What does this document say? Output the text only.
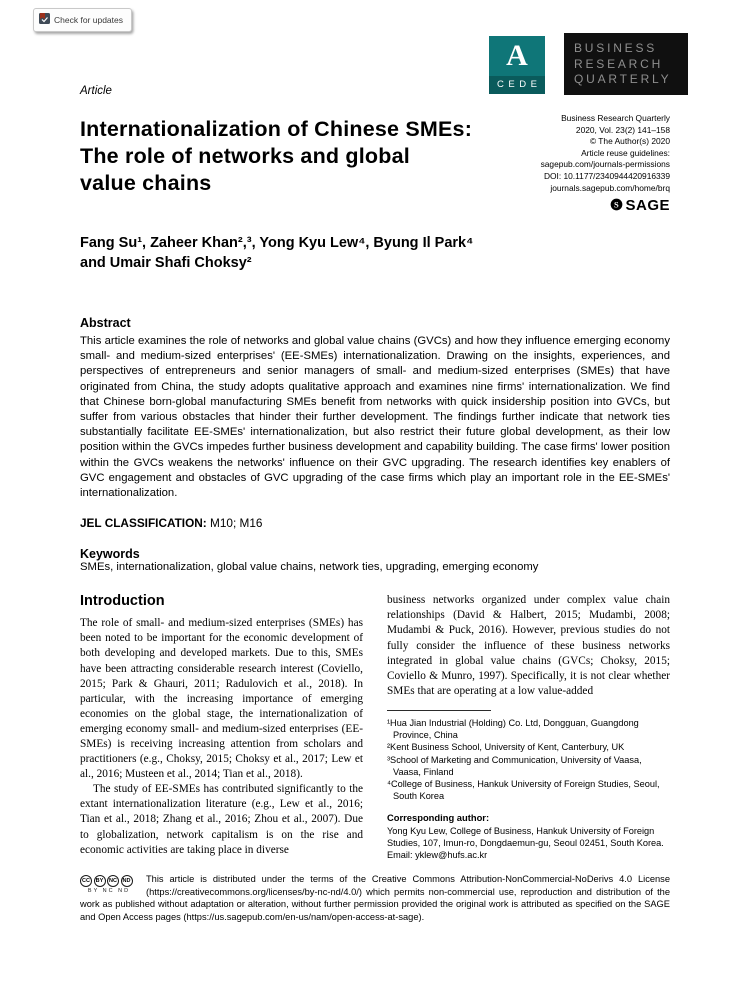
Check for updates
A
CEDE
BUSINESS
RESEARCH
QUARTERLY
Article
Internationalization of Chinese SMEs:
The role of networks and global
value chains
Business Research Quarterly
2020, Vol. 23(2) 141–158
© The Author(s) 2020
Article reuse guidelines:
sagepub.com/journals-permissions
DOI: 10.1177/2340944420916339
journals.sagepub.com/home/brq
S SAGE
Fang Su¹, Zaheer Khan²,³, Yong Kyu Lew⁴, Byung Il Park⁴
and Umair Shafi Choksy²
Abstract

This article examines the role of networks and global value chains (GVCs) and how they influence emerging economy small- and medium-sized enterprises' (EE-SMEs) internationalization. Drawing on the insights, experiences, and perspectives of entrepreneurs and senior managers of small- and medium-sized enterprises (SMEs) that have originated from China, the study adopts qualitative approach and examines nine firms' internationalization. We find that Chinese born-global manufacturing SMEs benefit from networks with quick insidership position into GVCs, but suffer from various obstacles that hinder their further development. The findings further indicate that network ties substantially facilitate EE-SMEs' internationalization, but also restrict their future global development, as their low position within the GVCs impedes further business development and capability building. The case firms' lower position within the GVCs weakens the networks' influence on their GVC upgrading. The research identifies key enablers of GVC engagement and obstacles of GVC upgrading of the case firms which play an important role in the EE-SMEs' internationalization.

JEL CLASSIFICATION: M10; M16
Keywords

SMEs, internationalization, global value chains, network ties, upgrading, emerging economy

Introduction

The role of small- and medium-sized enterprises (SMEs) has been noted to be important for the economic development of both developing and developed markets. Due to this, SMEs have been attracting considerable research interest (Coviello, 2015; Park & Ghauri, 2011; Radulovich et al., 2018). In particular, with the increasing importance of emerging economies on the global stage, the internationalization of emerging economy small- and medium-sized enterprises (EE-SMEs) is receiving increasing attention from scholars and practitioners (e.g., Choksy, 2015; Choksy et al., 2017; Lew et al., 2016; Musteen et al., 2014; Tian et al., 2018).

The study of EE-SMEs has contributed significantly to the extant internationalization literature (e.g., Lew et al., 2016; Tian et al., 2018; Zhang et al., 2016; Zhou et al., 2007). Due to globalization, network capitalism is on the rise and economic activities are taking place in diverse

business networks organized under complex value chain relationships (David & Halbert, 2015; Mudambi, 2008; Mudambi & Puck, 2016). However, previous studies do not fully consider the influence of these business networks integrated in global value chains (GVCs; Choksy, 2015; Coviello & Munro, 1997). Specifically, it is not clear whether SMEs that are operating at a low value-added

¹Hua Jian Industrial (Holding) Co. Ltd, Dongguan, Guangdong Province, China
²Kent Business School, University of Kent, Canterbury, UK
³School of Marketing and Communication, University of Vaasa, Vaasa, Finland
⁴College of Business, Hankuk University of Foreign Studies, Seoul, South Korea
Corresponding author:
Yong Kyu Lew, College of Business, Hankuk University of Foreign Studies, 107, Imun-ro, Dongdaemun-gu, Seoul 02451, South Korea.
Email: yklew@hufs.ac.kr
CC	BY	NC	ND
BY NC ND

This article is distributed under the terms of the Creative Commons Attribution-NonCommercial-NoDerivs 4.0 License (https://creativecommons.org/licenses/by-nc-nd/4.0/) which permits non-commercial use, reproduction and distribution of the work as published without adaptation or alteration, without further permission provided the original work is attributed as specified on the SAGE and Open Access pages (https://us.sagepub.com/en-us/nam/open-access-at-sage).
